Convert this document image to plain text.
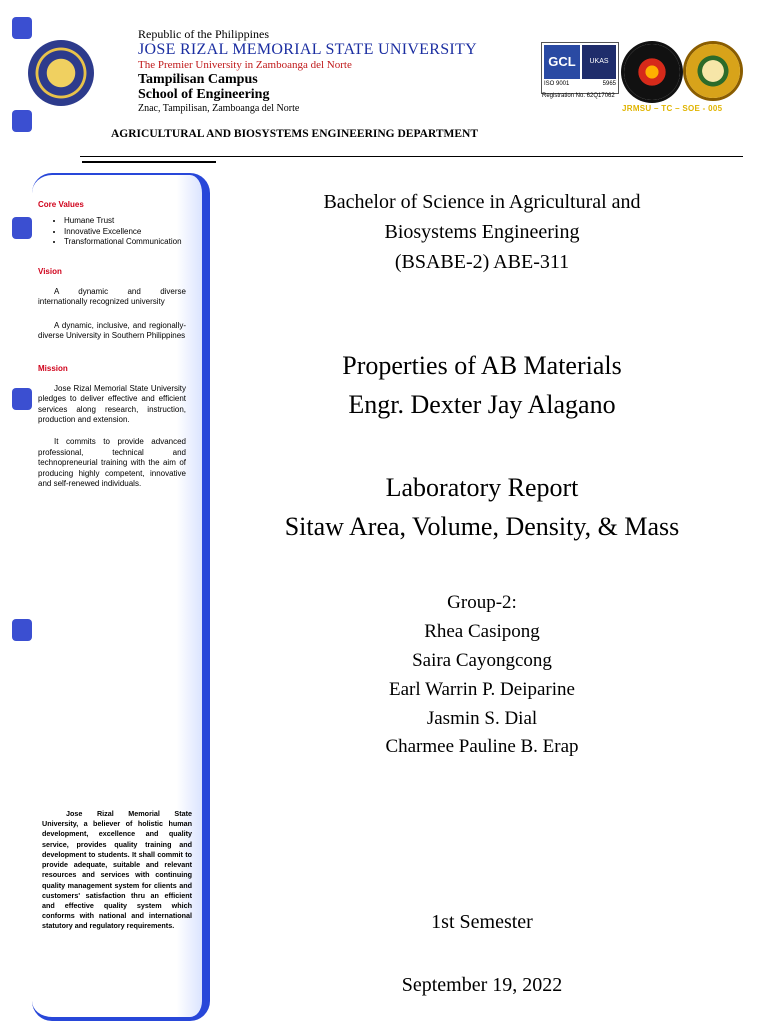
Republic of the Philippines
JOSE RIZAL MEMORIAL STATE UNIVERSITY
The Premier University in Zamboanga del Norte
Tampilisan Campus
School of Engineering
Znac, Tampilisan, Zamboanga del Norte
GCL	UKAS
ISO 9001	5965
Registration No. 62Q17062
JRMSU – TC – SOE - 005
AGRICULTURAL AND BIOSYSTEMS ENGINEERING DEPARTMENT
Core Values
• Humane Trust
• Innovative Excellence
• Transformational Communication
Vision
A dynamic and diverse internationally recognized university
A dynamic, inclusive, and regionally-diverse University in Southern Philippines
Mission
Jose Rizal Memorial State University pledges to deliver effective and efficient services along research, instruction, production and extension.
It commits to provide advanced professional, technical and technopreneurial training with the aim of producing highly competent, innovative and self-renewed individuals.
Jose Rizal Memorial State University, a believer of holistic human development, excellence and quality service, provides quality training and development to students. It shall commit to provide adequate, suitable and relevant resources and services with continuing quality management system for clients and customers' satisfaction thru an efficient and effective quality system which conforms with national and international statutory and regulatory requirements.
Bachelor of Science in Agricultural and
Biosystems Engineering
(BSABE-2) ABE-311
Properties of AB Materials
Engr. Dexter Jay Alagano
Laboratory Report
Sitaw Area, Volume, Density, & Mass
Group-2:
Rhea Casipong
Saira Cayongcong
Earl Warrin P. Deiparine
Jasmin S. Dial
Charmee Pauline B. Erap
1st Semester
September 19, 2022
